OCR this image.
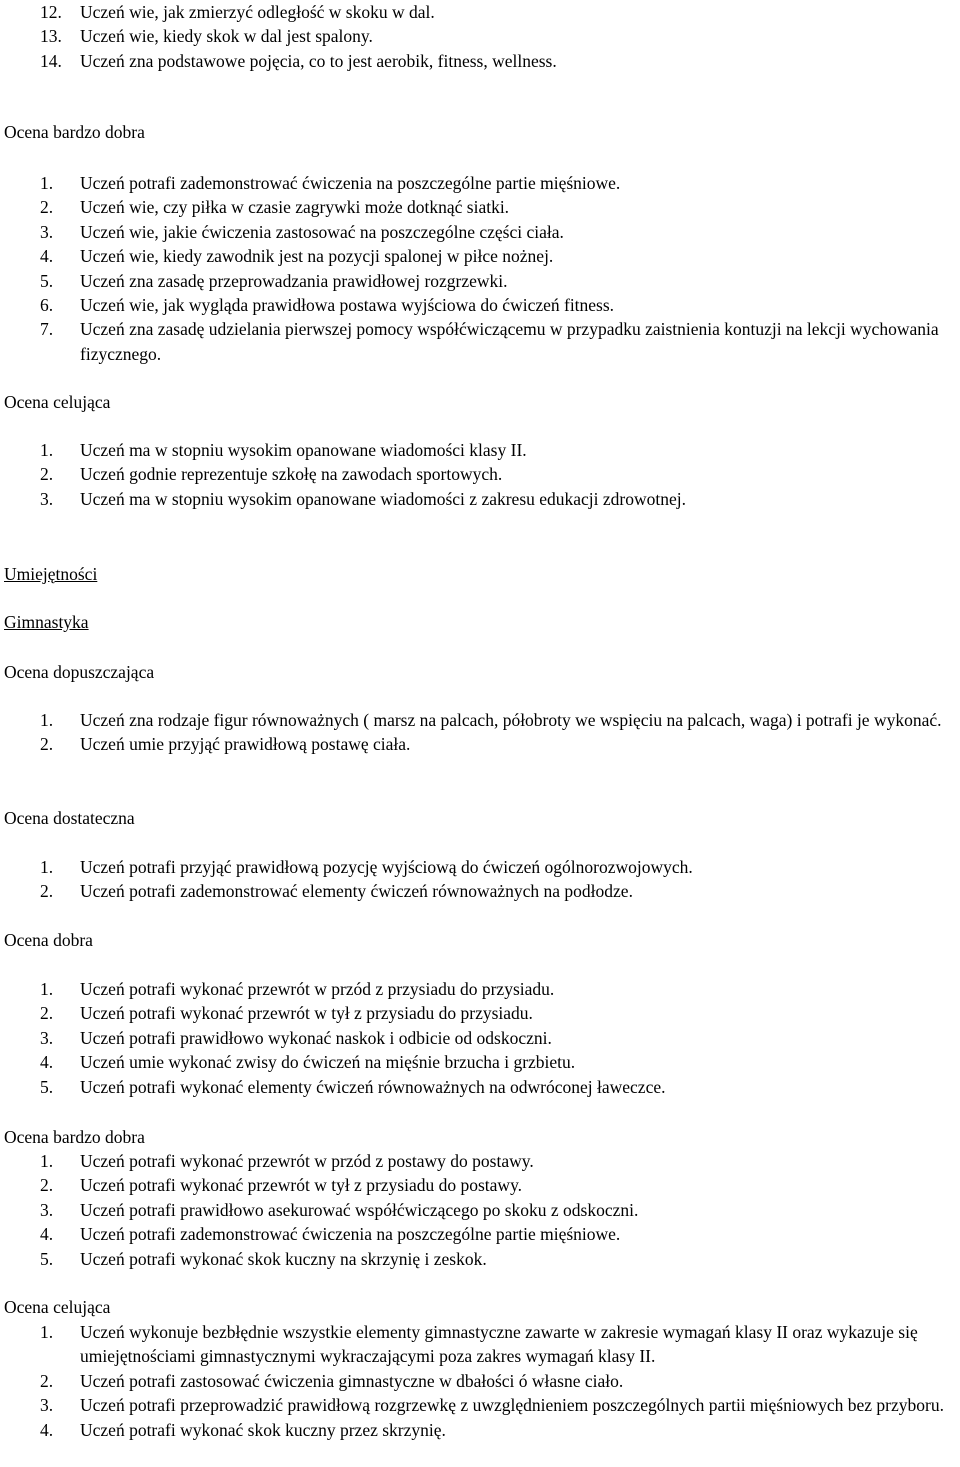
12. Uczeń wie, jak zmierzyć odległość w skoku w dal.
13. Uczeń wie, kiedy skok w dal jest spalony.
14. Uczeń zna podstawowe pojęcia, co to jest aerobik, fitness, wellness.
Ocena bardzo dobra
1. Uczeń potrafi zademonstrować ćwiczenia na poszczególne partie mięśniowe.
2. Uczeń wie, czy piłka w czasie zagrywki może dotknąć siatki.
3. Uczeń wie, jakie ćwiczenia zastosować na poszczególne części ciała.
4. Uczeń wie, kiedy zawodnik jest na pozycji spalonej w piłce nożnej.
5. Uczeń zna zasadę przeprowadzania prawidłowej rozgrzewki.
6. Uczeń wie, jak wygląda prawidłowa postawa wyjściowa do ćwiczeń fitness.
7. Uczeń zna zasadę udzielania pierwszej pomocy współćwiczącemu w przypadku zaistnienia kontuzji na lekcji wychowania fizycznego.
Ocena celująca
1. Uczeń ma w stopniu wysokim opanowane wiadomości klasy II.
2. Uczeń godnie reprezentuje szkołę na zawodach sportowych.
3. Uczeń ma w stopniu wysokim opanowane wiadomości z zakresu edukacji zdrowotnej.
Umiejętności
Gimnastyka
Ocena dopuszczająca
1. Uczeń zna rodzaje figur równoważnych ( marsz na palcach, półobroty we wspięciu na palcach, waga) i potrafi je wykonać.
2. Uczeń umie przyjąć prawidłową postawę ciała.
Ocena dostateczna
1. Uczeń potrafi przyjąć prawidłową pozycję wyjściową do ćwiczeń ogólnorozwojowych.
2. Uczeń potrafi zademonstrować elementy ćwiczeń równoważnych na podłodze.
Ocena dobra
1. Uczeń potrafi wykonać przewrót w przód z przysiadu do przysiadu.
2. Uczeń potrafi wykonać przewrót w tył z przysiadu do przysiadu.
3. Uczeń potrafi prawidłowo wykonać naskok i odbicie od odskoczni.
4. Uczeń umie wykonać zwisy do ćwiczeń na mięśnie brzucha i grzbietu.
5. Uczeń potrafi wykonać elementy ćwiczeń równoważnych na odwróconej ławeczce.
Ocena bardzo dobra
1. Uczeń potrafi wykonać przewrót w przód z postawy do postawy.
2. Uczeń potrafi wykonać przewrót w tył z przysiadu do postawy.
3. Uczeń potrafi prawidłowo asekurować współćwiczącego po skoku z odskoczni.
4. Uczeń potrafi zademonstrować ćwiczenia na poszczególne partie mięśniowe.
5. Uczeń potrafi wykonać skok kuczny na skrzynię i zeskok.
Ocena celująca
1. Uczeń wykonuje bezbłędnie wszystkie elementy gimnastyczne zawarte w zakresie wymagań klasy II oraz wykazuje się umiejętnościami gimnastycznymi wykraczającymi poza zakres wymagań klasy II.
2. Uczeń potrafi zastosować ćwiczenia gimnastyczne w dbałości ó własne ciało.
3. Uczeń potrafi przeprowadzić prawidłową rozgrzewkę z uwzględnieniem poszczególnych partii mięśniowych bez przyboru.
4. Uczeń potrafi wykonać skok kuczny przez skrzynię.
